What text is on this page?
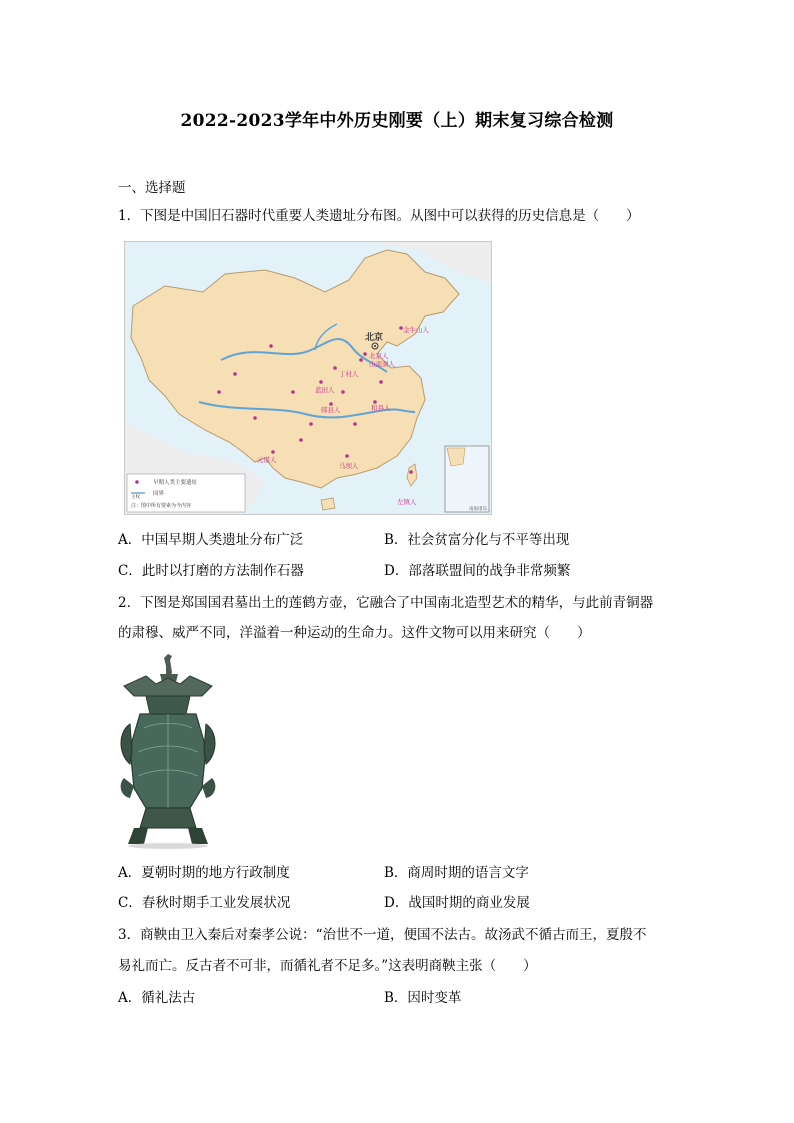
2022-2023学年中外历史刚要（上）期末复习综合检测
一、选择题
1．下图是中国旧石器时代重要人类遗址分布图。从图中可以获得的历史信息是（　　）
北京
金牛山人
北京人
山顶洞人
丁村人
蓝田人
郧县人	和县人
元谋人
马坝人
左镇人
南海诸岛
早期人类主要遗址
主权
国界
注：图中所有要素为今内容
A．中国早期人类遗址分布广泛	B．社会贫富分化与不平等出现
C．此时以打磨的方法制作石器	D．部落联盟间的战争非常频繁
2．下图是郑国国君墓出土的莲鹤方壶，它融合了中国南北造型艺术的精华，与此前青铜器
的肃穆、威严不同，洋溢着一种运动的生命力。这件文物可以用来研究（　　）
A．夏朝时期的地方行政制度	B．商周时期的语言文字
C．春秋时期手工业发展状况	D．战国时期的商业发展
3．商鞅由卫入秦后对秦孝公说：“治世不一道，便国不法古。故汤武不循古而王，夏殷不
易礼而亡。反古者不可非，而循礼者不足多。”这表明商鞅主张（　　）
A．循礼法古	B．因时变革
